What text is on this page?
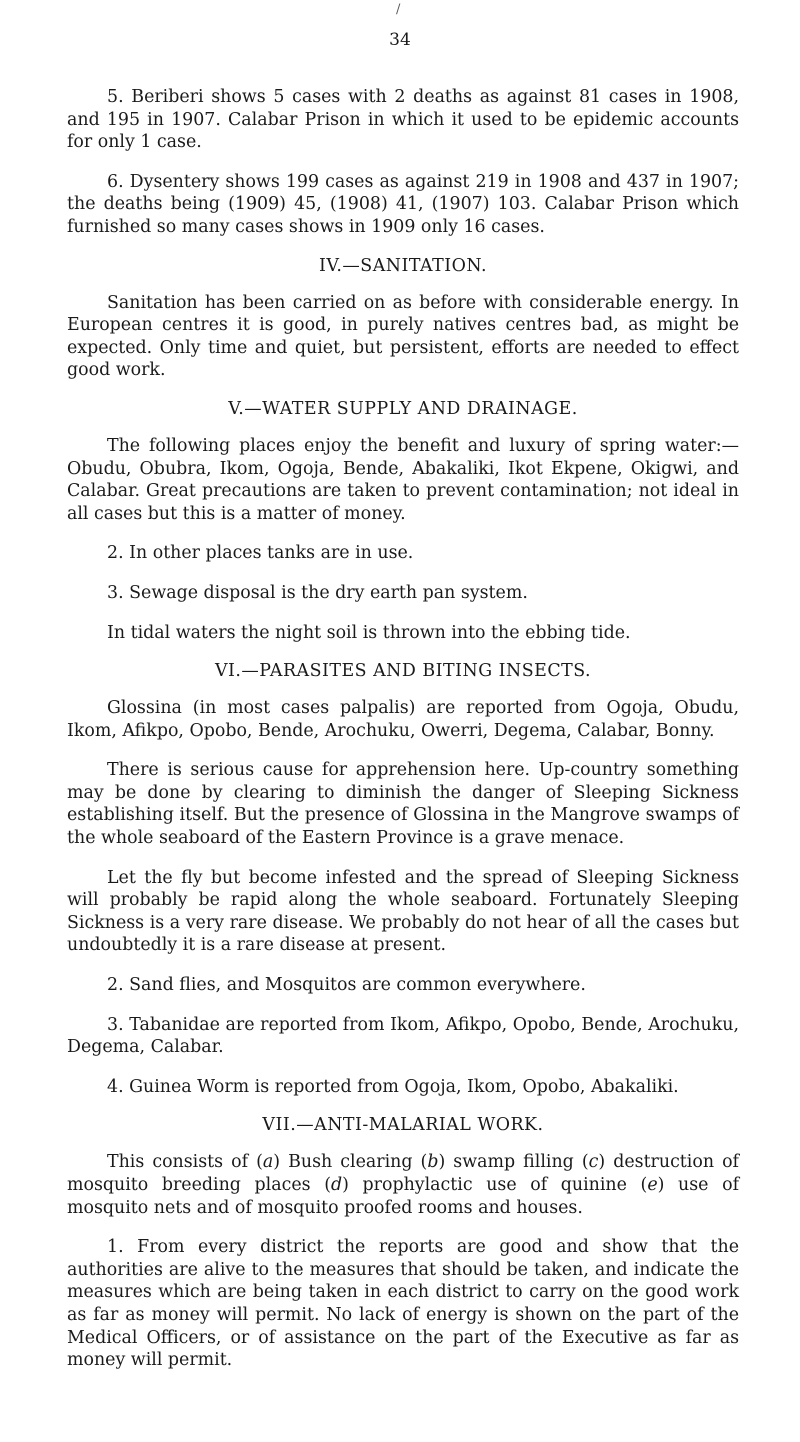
/
34

5. Beriberi shows 5 cases with 2 deaths as against 81 cases in 1908, and 195 in 1907. Calabar Prison in which it used to be epidemic accounts for only 1 case.

6. Dysentery shows 199 cases as against 219 in 1908 and 437 in 1907; the deaths being (1909) 45, (1908) 41, (1907) 103. Calabar Prison which furnished so many cases shows in 1909 only 16 cases.

IV.—SANITATION.

Sanitation has been carried on as before with considerable energy. In European centres it is good, in purely natives centres bad, as might be expected. Only time and quiet, but persistent, efforts are needed to effect good work.

V.—WATER SUPPLY AND DRAINAGE.

The following places enjoy the benefit and luxury of spring water:— Obudu, Obubra, Ikom, Ogoja, Bende, Abakaliki, Ikot Ekpene, Okigwi, and Calabar. Great precautions are taken to prevent contamination; not ideal in all cases but this is a matter of money.

2. In other places tanks are in use.

3. Sewage disposal is the dry earth pan system.

In tidal waters the night soil is thrown into the ebbing tide.

VI.—PARASITES AND BITING INSECTS.

Glossina (in most cases palpalis) are reported from Ogoja, Obudu, Ikom, Afikpo, Opobo, Bende, Arochuku, Owerri, Degema, Calabar, Bonny.

There is serious cause for apprehension here. Up-country something may be done by clearing to diminish the danger of Sleeping Sickness establishing itself. But the presence of Glossina in the Mangrove swamps of the whole seaboard of the Eastern Province is a grave menace.

Let the fly but become infested and the spread of Sleeping Sickness will probably be rapid along the whole seaboard. Fortunately Sleeping Sickness is a very rare disease. We probably do not hear of all the cases but undoubtedly it is a rare disease at present.

2. Sand flies, and Mosquitos are common everywhere.

3. Tabanidae are reported from Ikom, Afikpo, Opobo, Bende, Arochuku, Degema, Calabar.

4. Guinea Worm is reported from Ogoja, Ikom, Opobo, Abakaliki.

VII.—ANTI-MALARIAL WORK.

This consists of (a) Bush clearing (b) swamp filling (c) destruction of mosquito breeding places (d) prophylactic use of quinine (e) use of mosquito nets and of mosquito proofed rooms and houses.

1. From every district the reports are good and show that the authorities are alive to the measures that should be taken, and indicate the measures which are being taken in each district to carry on the good work as far as money will permit. No lack of energy is shown on the part of the Medical Officers, or of assistance on the part of the Executive as far as money will permit.
